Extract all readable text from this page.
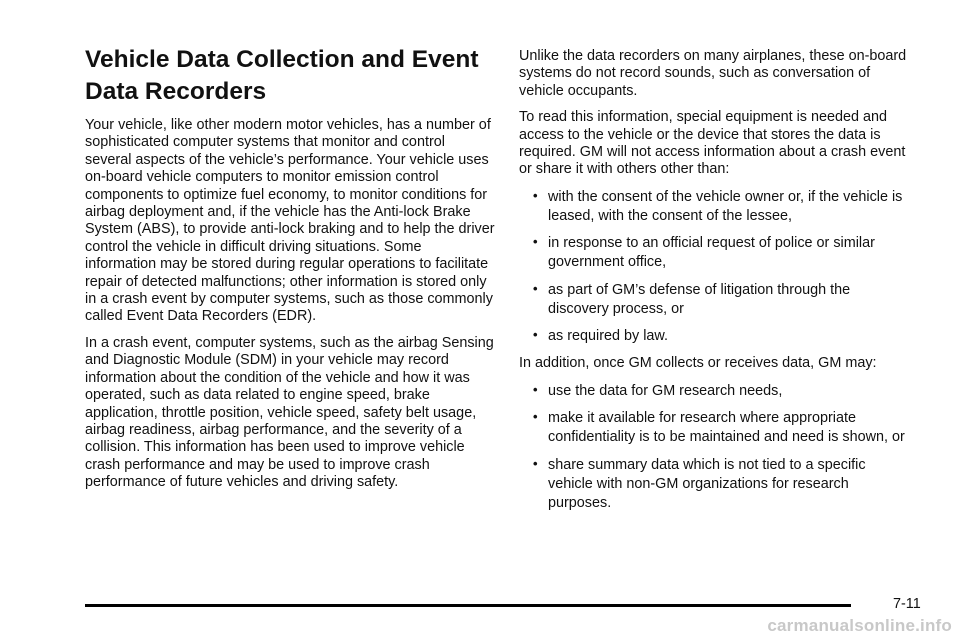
Vehicle Data Collection and Event Data Recorders

Your vehicle, like other modern motor vehicles, has a number of sophisticated computer systems that monitor and control several aspects of the vehicle’s performance. Your vehicle uses on-board vehicle computers to monitor emission control components to optimize fuel economy, to monitor conditions for airbag deployment and, if the vehicle has the Anti-lock Brake System (ABS), to provide anti-lock braking and to help the driver control the vehicle in difficult driving situations. Some information may be stored during regular operations to facilitate repair of detected malfunctions; other information is stored only in a crash event by computer systems, such as those commonly called Event Data Recorders (EDR).

In a crash event, computer systems, such as the airbag Sensing and Diagnostic Module (SDM) in your vehicle may record information about the condition of the vehicle and how it was operated, such as data related to engine speed, brake application, throttle position, vehicle speed, safety belt usage, airbag readiness, airbag performance, and the severity of a collision. This information has been used to improve vehicle crash performance and may be used to improve crash performance of future vehicles and driving safety.

Unlike the data recorders on many airplanes, these on-board systems do not record sounds, such as conversation of vehicle occupants.

To read this information, special equipment is needed and access to the vehicle or the device that stores the data is required. GM will not access information about a crash event or share it with others other than:

• with the consent of the vehicle owner or, if the vehicle is leased, with the consent of the lessee,
• in response to an official request of police or similar government office,
• as part of GM’s defense of litigation through the discovery process, or
• as required by law.

In addition, once GM collects or receives data, GM may:

• use the data for GM research needs,
• make it available for research where appropriate confidentiality is to be maintained and need is shown, or
• share summary data which is not tied to a specific vehicle with non-GM organizations for research purposes.
7-11
carmanualsonline.info
